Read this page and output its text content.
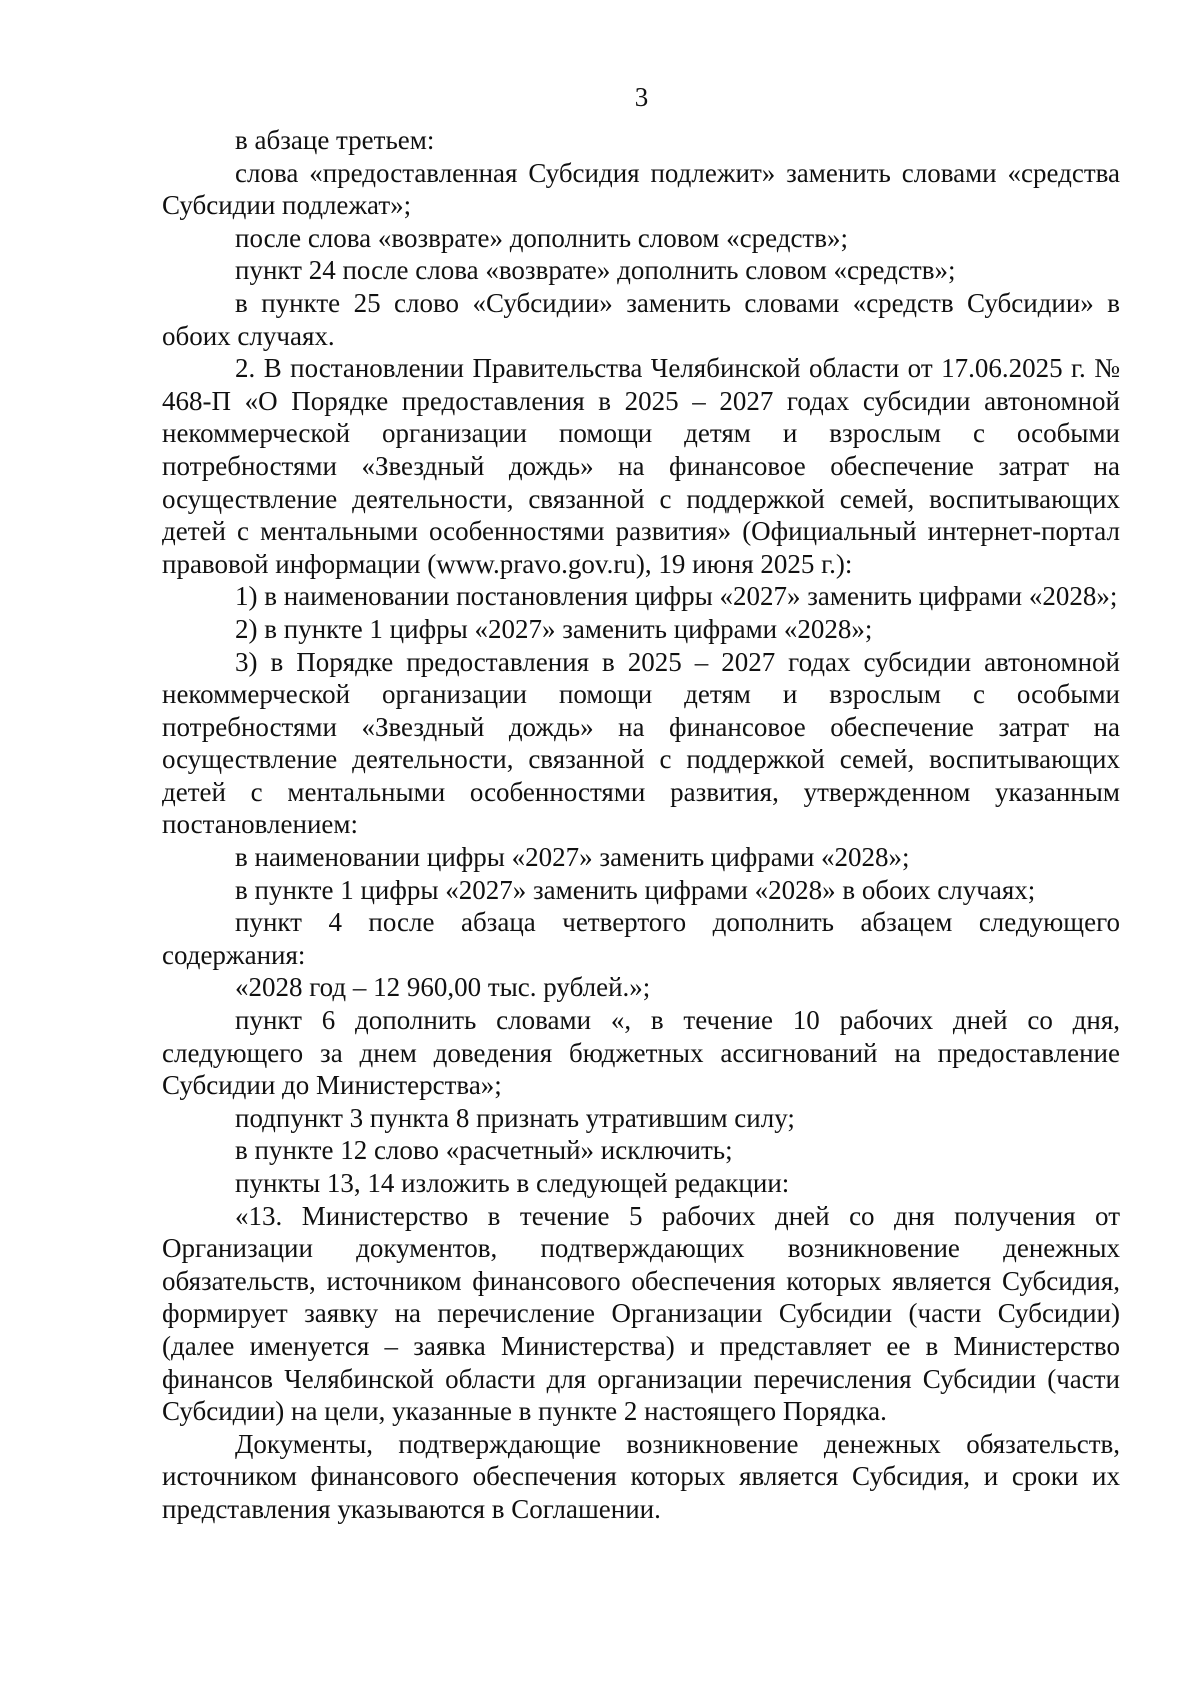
3

в абзаце третьем:

слова «предоставленная Субсидия подлежит» заменить словами «средства Субсидии подлежат»;

после слова «возврате» дополнить словом «средств»;

пункт 24 после слова «возврате» дополнить словом «средств»;

в пункте 25 слово «Субсидии» заменить словами «средств Субсидии» в обоих случаях.

2. В постановлении Правительства Челябинской области от 17.06.2025 г. № 468-П «О Порядке предоставления в 2025 – 2027 годах субсидии автономной некоммерческой организации помощи детям и взрослым с особыми потребностями «Звездный дождь» на финансовое обеспечение затрат на осуществление деятельности, связанной с поддержкой семей, воспитывающих детей с ментальными особенностями развития» (Официальный интернет-портал правовой информации (www.pravo.gov.ru), 19 июня 2025 г.):

1) в наименовании постановления цифры «2027» заменить цифрами «2028»;

2) в пункте 1 цифры «2027» заменить цифрами «2028»;

3) в Порядке предоставления в 2025 – 2027 годах субсидии автономной некоммерческой организации помощи детям и взрослым с особыми потребностями «Звездный дождь» на финансовое обеспечение затрат на осуществление деятельности, связанной с поддержкой семей, воспитывающих детей с ментальными особенностями развития, утвержденном указанным постановлением:

в наименовании цифры «2027» заменить цифрами «2028»;

в пункте 1 цифры «2027» заменить цифрами «2028» в обоих случаях;

пункт 4 после абзаца четвертого дополнить абзацем следующего содержания:

«2028 год – 12 960,00 тыс. рублей.»;

пункт 6 дополнить словами «, в течение 10 рабочих дней со дня, следующего за днем доведения бюджетных ассигнований на предоставление Субсидии до Министерства»;

подпункт 3 пункта 8 признать утратившим силу;

в пункте 12 слово «расчетный» исключить;

пункты 13, 14 изложить в следующей редакции:

«13. Министерство в течение 5 рабочих дней со дня получения от Организации документов, подтверждающих возникновение денежных обязательств, источником финансового обеспечения которых является Субсидия, формирует заявку на перечисление Организации Субсидии (части Субсидии) (далее именуется – заявка Министерства) и представляет ее в Министерство финансов Челябинской области для организации перечисления Субсидии (части Субсидии) на цели, указанные в пункте 2 настоящего Порядка.

Документы, подтверждающие возникновение денежных обязательств, источником финансового обеспечения которых является Субсидия, и сроки их представления указываются в Соглашении.
